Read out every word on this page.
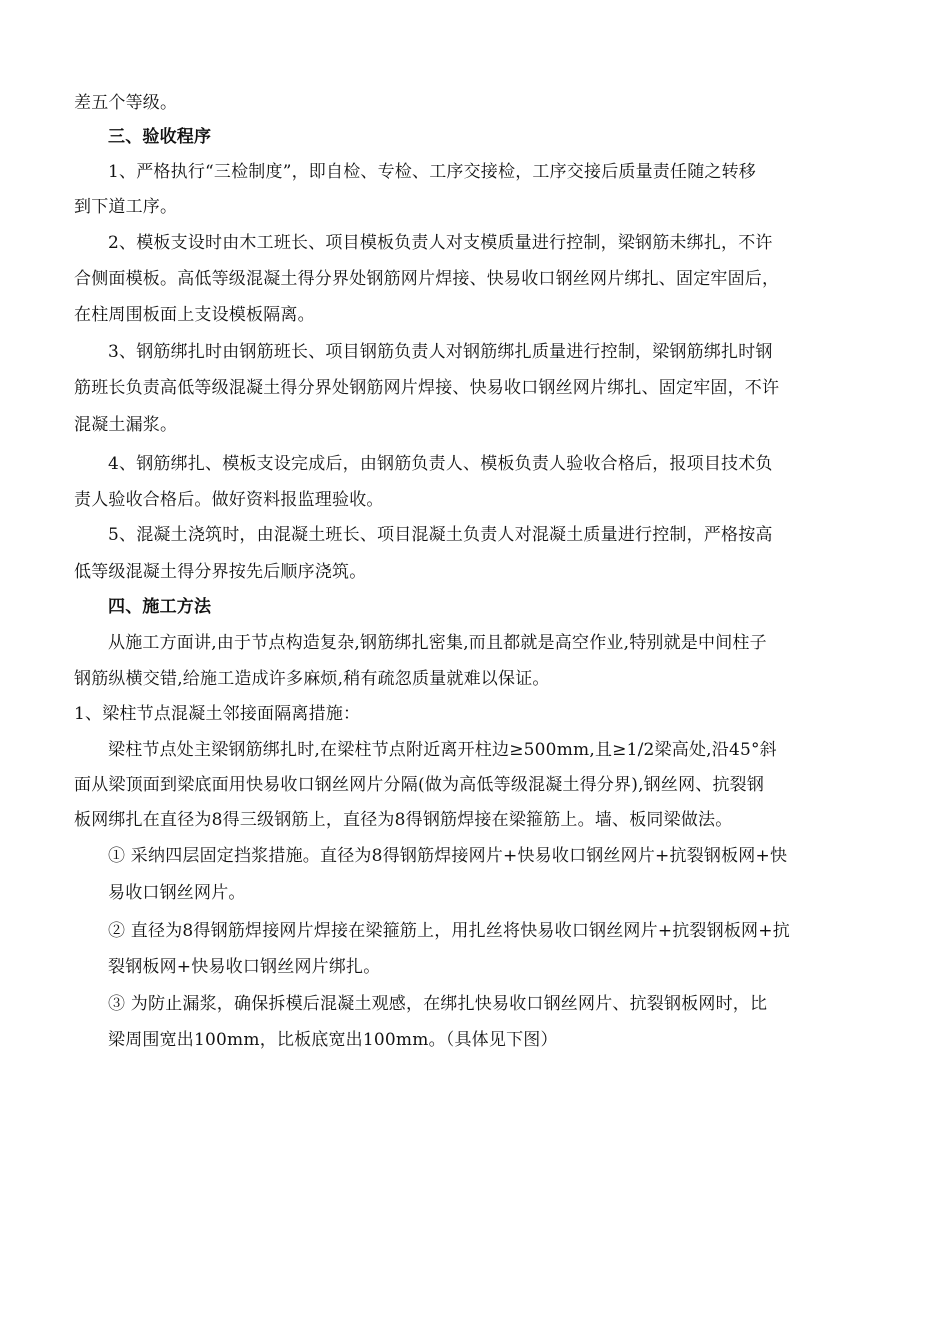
差五个等级。
三、验收程序
1、严格执行“三检制度”，即自检、专检、工序交接检，工序交接后质量责任随之转移
到下道工序。
2、模板支设时由木工班长、项目模板负责人对支模质量进行控制，梁钢筋未绑扎，不许
合侧面模板。高低等级混凝土得分界处钢筋网片焊接、快易收口钢丝网片绑扎、固定牢固后，
在柱周围板面上支设模板隔离。
3、钢筋绑扎时由钢筋班长、项目钢筋负责人对钢筋绑扎质量进行控制，梁钢筋绑扎时钢
筋班长负责高低等级混凝土得分界处钢筋网片焊接、快易收口钢丝网片绑扎、固定牢固，不许
混凝土漏浆。
4、钢筋绑扎、模板支设完成后，由钢筋负责人、模板负责人验收合格后，报项目技术负
责人验收合格后。做好资料报监理验收。
5、混凝土浇筑时，由混凝土班长、项目混凝土负责人对混凝土质量进行控制，严格按高
低等级混凝土得分界按先后顺序浇筑。
四、施工方法
从施工方面讲,由于节点构造复杂,钢筋绑扎密集,而且都就是高空作业,特别就是中间柱子
钢筋纵横交错,给施工造成许多麻烦,稍有疏忽质量就难以保证。
1、梁柱节点混凝土邻接面隔离措施：
梁柱节点处主梁钢筋绑扎时,在梁柱节点附近离开柱边≥500mm,且≥1/2梁高处,沿45°斜
面从梁顶面到梁底面用快易收口钢丝网片分隔(做为高低等级混凝土得分界),钢丝网、抗裂钢
板网绑扎在直径为8得三级钢筋上，直径为8得钢筋焊接在梁箍筋上。墙、板同梁做法。
① 采纳四层固定挡浆措施。直径为8得钢筋焊接网片+快易收口钢丝网片+抗裂钢板网+快
易收口钢丝网片。
② 直径为8得钢筋焊接网片焊接在梁箍筋上，用扎丝将快易收口钢丝网片+抗裂钢板网+抗
裂钢板网+快易收口钢丝网片绑扎。
③ 为防止漏浆，确保拆模后混凝土观感，在绑扎快易收口钢丝网片、抗裂钢板网时，比
梁周围宽出100mm，比板底宽出100mm。（具体见下图）
